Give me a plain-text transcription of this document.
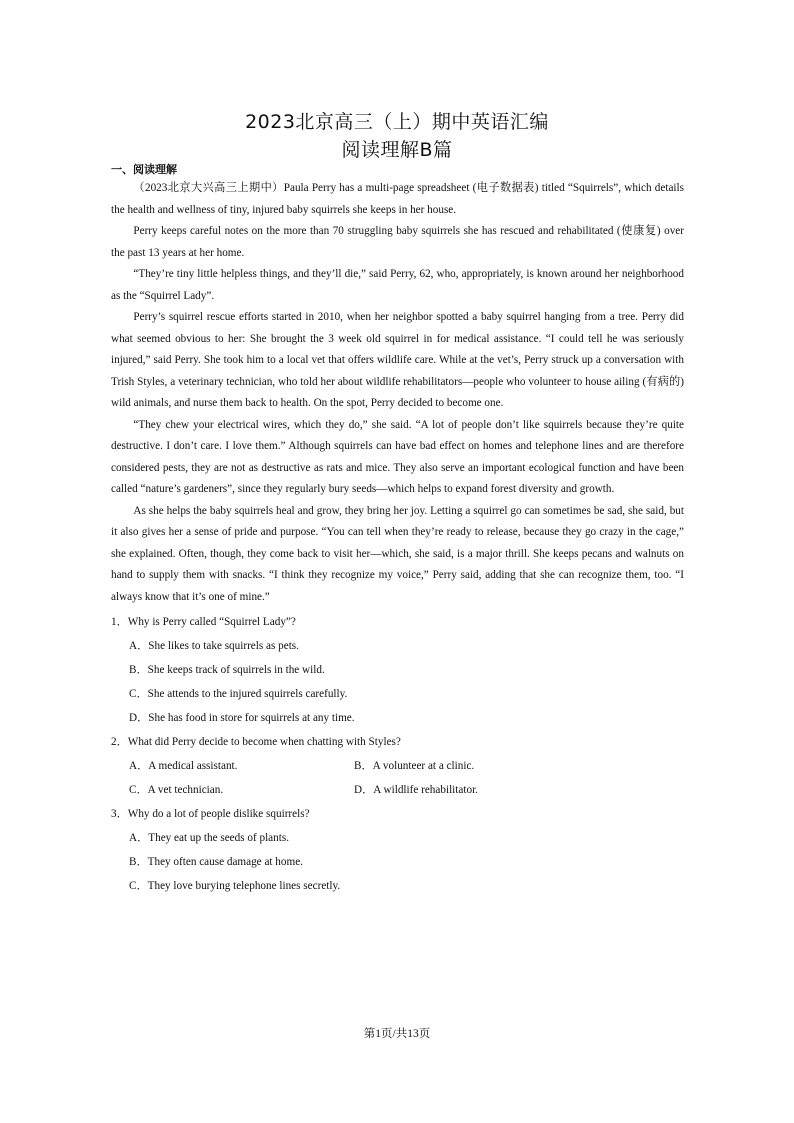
2023北京高三（上）期中英语汇编
阅读理解B篇

一、阅读理解

（2023北京大兴高三上期中）Paula Perry has a multi-page spreadsheet (电子数据表) titled “Squirrels”, which details the health and wellness of tiny, injured baby squirrels she keeps in her house.

Perry keeps careful notes on the more than 70 struggling baby squirrels she has rescued and rehabilitated (使康复) over the past 13 years at her home.

“They’re tiny little helpless things, and they’ll die,” said Perry, 62, who, appropriately, is known around her neighborhood as the “Squirrel Lady”.

Perry’s squirrel rescue efforts started in 2010, when her neighbor spotted a baby squirrel hanging from a tree. Perry did what seemed obvious to her: She brought the 3 week old squirrel in for medical assistance. “I could tell he was seriously injured,” said Perry. She took him to a local vet that offers wildlife care. While at the vet’s, Perry struck up a conversation with Trish Styles, a veterinary technician, who told her about wildlife rehabilitators—people who volunteer to house ailing (有病的) wild animals, and nurse them back to health. On the spot, Perry decided to become one.

“They chew your electrical wires, which they do,” she said. “A lot of people don’t like squirrels because they’re quite destructive. I don’t care. I love them.” Although squirrels can have bad effect on homes and telephone lines and are therefore considered pests, they are not as destructive as rats and mice. They also serve an important ecological function and have been called “nature’s gardeners”, since they regularly bury seeds—which helps to expand forest diversity and growth.

As she helps the baby squirrels heal and grow, they bring her joy. Letting a squirrel go can sometimes be sad, she said, but it also gives her a sense of pride and purpose. “You can tell when they’re ready to release, because they go crazy in the cage,” she explained. Often, though, they come back to visit her—which, she said, is a major thrill. She keeps pecans and walnuts on hand to supply them with snacks. “I think they recognize my voice,” Perry said, adding that she can recognize them, too. “I always know that it’s one of mine.”

1．Why is Perry called “Squirrel Lady”?

A．She likes to take squirrels as pets.

B．She keeps track of squirrels in the wild.

C．She attends to the injured squirrels carefully.

D．She has food in store for squirrels at any time.

2．What did Perry decide to become when chatting with Styles?

A．A medical assistant.	B．A volunteer at a clinic.
C．A vet technician.	D．A wildlife rehabilitator.

3．Why do a lot of people dislike squirrels?

A．They eat up the seeds of plants.

B．They often cause damage at home.

C．They love burying telephone lines secretly.

第1页/共13页
